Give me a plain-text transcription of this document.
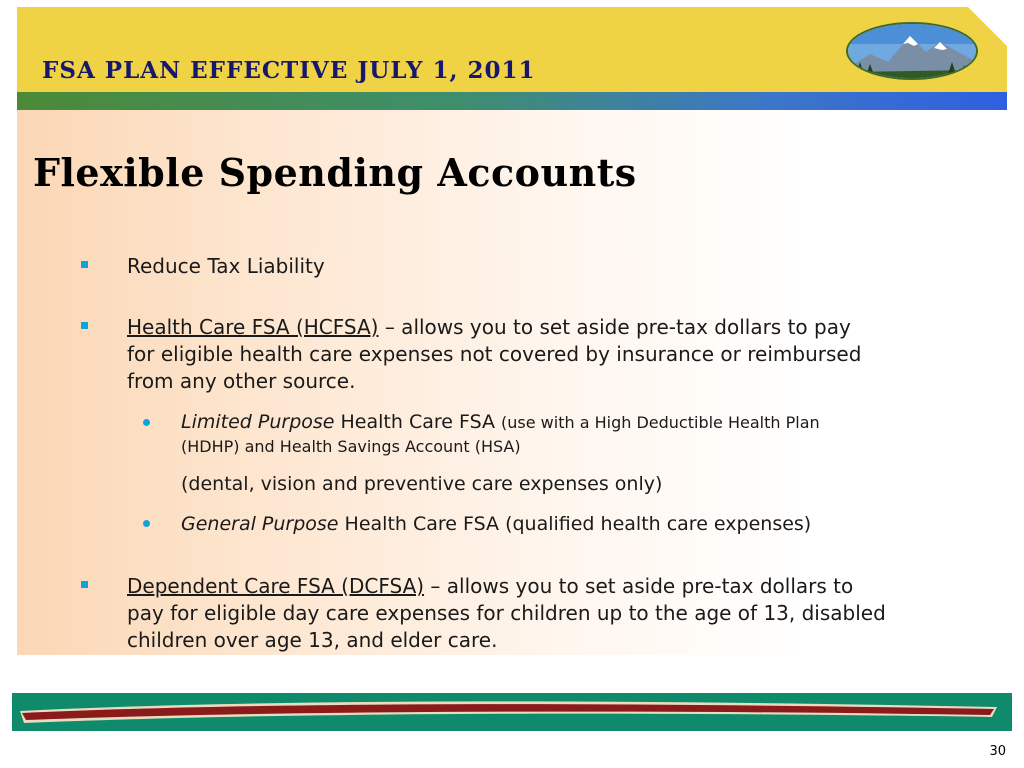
FSA PLAN EFFECTIVE JULY 1, 2011
Flexible Spending Accounts
Reduce Tax Liability
Health Care FSA (HCFSA) – allows you to set aside pre-tax dollars to pay
for eligible health care expenses not covered by insurance or reimbursed
from any other source.
Limited Purpose Health Care FSA (use with a High Deductible Health Plan
(HDHP) and Health Savings Account (HSA)
(dental, vision and preventive care expenses only)
General Purpose Health Care FSA (qualified health care expenses)
Dependent Care FSA (DCFSA) – allows you to set aside pre-tax dollars to
pay for eligible day care expenses for children up to the age of 13, disabled
children over age 13, and elder care.
30
